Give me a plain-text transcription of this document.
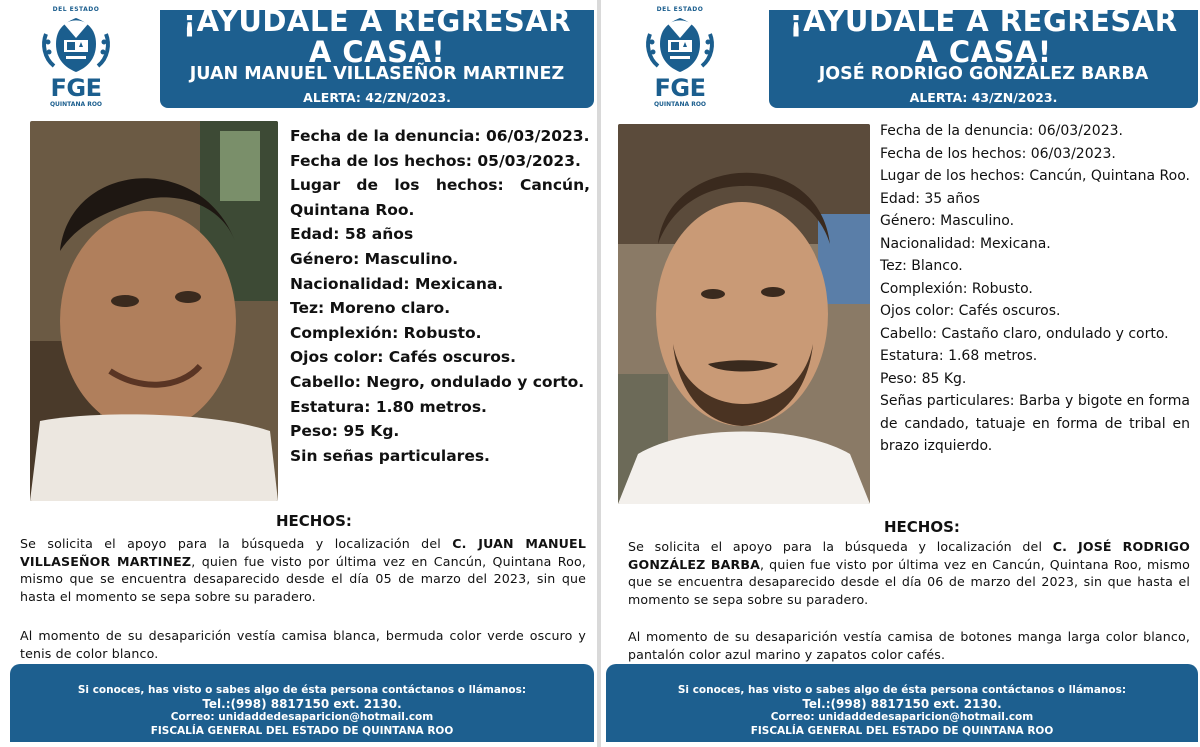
DEL ESTADO
FGE
QUINTANA ROO
¡AYUDALE A REGRESAR
A CASA!
JUAN MANUEL VILLASEÑOR MARTINEZ
ALERTA: 42/ZN/2023.
Fecha de la denuncia: 06/03/2023.
Fecha de los hechos: 05/03/2023.
Lugar de los hechos: Cancún, Quintana Roo.
Edad: 58 años
Género: Masculino.
Nacionalidad: Mexicana.
Tez: Moreno claro.
Complexión: Robusto.
Ojos color: Cafés oscuros.
Cabello: Negro, ondulado y corto.
Estatura: 1.80 metros.
Peso: 95 Kg.
Sin señas particulares.
HECHOS:
Se solicita el apoyo para la búsqueda y localización del C. JUAN MANUEL VILLASEÑOR MARTINEZ, quien fue visto por última vez en Cancún, Quintana Roo, mismo que se encuentra desaparecido desde el día 05 de marzo del 2023, sin que hasta el momento se sepa sobre su paradero.
Al momento de su desaparición vestía camisa blanca, bermuda color verde oscuro y tenis de color blanco.
Si conoces, has visto o sabes algo de ésta persona contáctanos o llámanos:
Tel.:(998) 8817150 ext. 2130.
Correo: unidaddedesaparicion@hotmail.com
FISCALÍA GENERAL DEL ESTADO DE QUINTANA ROO
DEL ESTADO
FGE
QUINTANA ROO
¡AYUDALE A REGRESAR
A CASA!
JOSÉ RODRIGO GONZÁLEZ BARBA
ALERTA: 43/ZN/2023.
Fecha de la denuncia: 06/03/2023.
Fecha de los hechos: 06/03/2023.
Lugar de los hechos: Cancún, Quintana Roo.
Edad: 35 años
Género: Masculino.
Nacionalidad: Mexicana.
Tez: Blanco.
Complexión: Robusto.
Ojos color: Cafés oscuros.
Cabello: Castaño claro, ondulado y corto.
Estatura: 1.68 metros.
Peso: 85 Kg.
Señas particulares: Barba y bigote en forma de candado, tatuaje en forma de tribal en brazo izquierdo.
HECHOS:
Se solicita el apoyo para la búsqueda y localización del C. JOSÉ RODRIGO GONZÁLEZ BARBA, quien fue visto por última vez en Cancún, Quintana Roo, mismo que se encuentra desaparecido desde el día 06 de marzo del 2023, sin que hasta el momento se sepa sobre su paradero.
Al momento de su desaparición vestía camisa de botones manga larga color blanco, pantalón color azul marino y zapatos color cafés.
Si conoces, has visto o sabes algo de ésta persona contáctanos o llámanos:
Tel.:(998) 8817150 ext. 2130.
Correo: unidaddedesaparicion@hotmail.com
FISCALÍA GENERAL DEL ESTADO DE QUINTANA ROO
